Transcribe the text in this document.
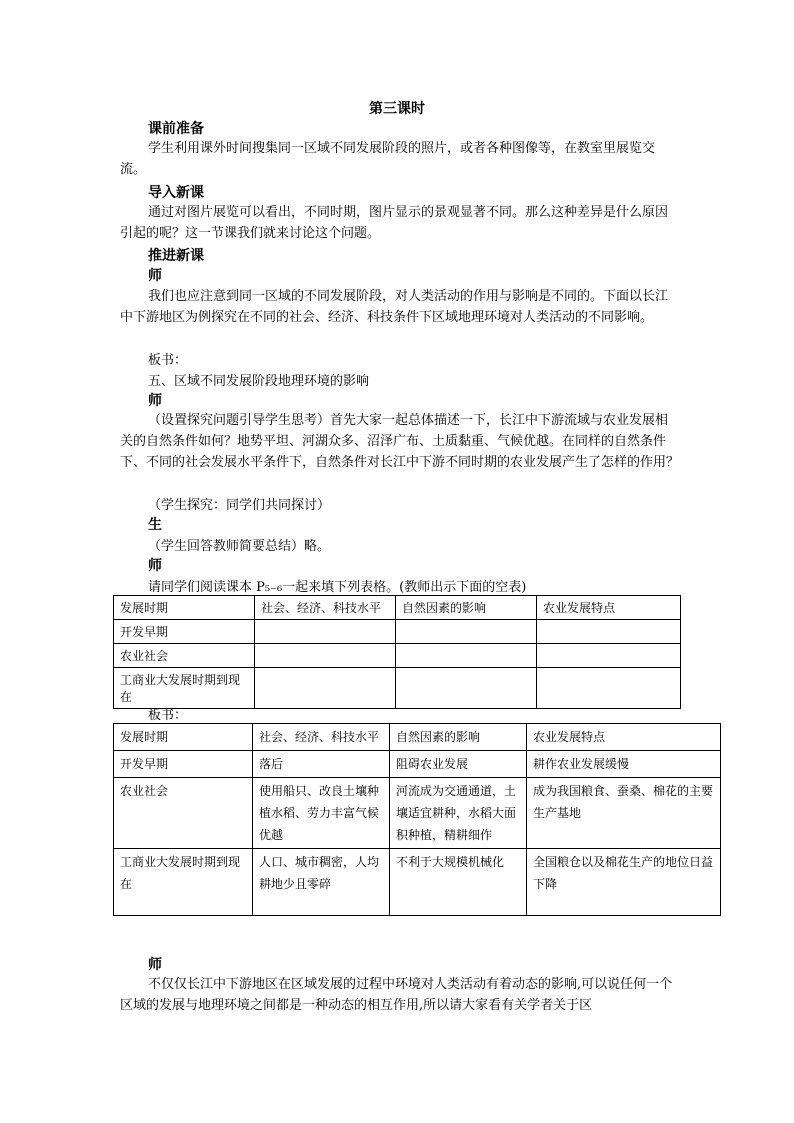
第三课时
课前准备
学生利用课外时间搜集同一区域不同发展阶段的照片，或者各种图像等，在教室里展览交流。
导入新课
通过对图片展览可以看出，不同时期，图片显示的景观显著不同。那么这种差异是什么原因引起的呢？这一节课我们就来讨论这个问题。
推进新课
师
我们也应注意到同一区域的不同发展阶段，对人类活动的作用与影响是不同的。下面以长江中下游地区为例探究在不同的社会、经济、科技条件下区域地理环境对人类活动的不同影响。
板书：
五、区域不同发展阶段地理环境的影响
师
（设置探究问题引导学生思考）首先大家一起总体描述一下，长江中下游流域与农业发展相关的自然条件如何？地势平坦、河湖众多、沼泽广布、土质黏重、气候优越。在同样的自然条件下、不同的社会发展水平条件下，自然条件对长江中下游不同时期的农业发展产生了怎样的作用？
（学生探究：同学们共同探讨）
生
（学生回答教师简要总结）略。
师
请同学们阅读课本 P₅₋₆一起来填下列表格。(教师出示下面的空表)
发展时期	社会、经济、科技水平	自然因素的影响	农业发展特点
开发早期			
农业社会			
工商业大发展时期到现在			
板书：
发展时期	社会、经济、科技水平	自然因素的影响	农业发展特点
开发早期	落后	阻碍农业发展	耕作农业发展缓慢
农业社会	使用船只、改良土壤种植水稻、劳力丰富气候优越	河流成为交通通道，土壤适宜耕种，水稻大面积种植，精耕细作	成为我国粮食、蚕桑、棉花的主要生产基地
工商业大发展时期到现在	人口、城市稠密，人均耕地少且零碎	不利于大规模机械化	全国粮仓以及棉花生产的地位日益下降
师
不仅仅长江中下游地区在区域发展的过程中环境对人类活动有着动态的影响,可以说任何一个区域的发展与地理环境之间都是一种动态的相互作用,所以请大家看有关学者关于区
